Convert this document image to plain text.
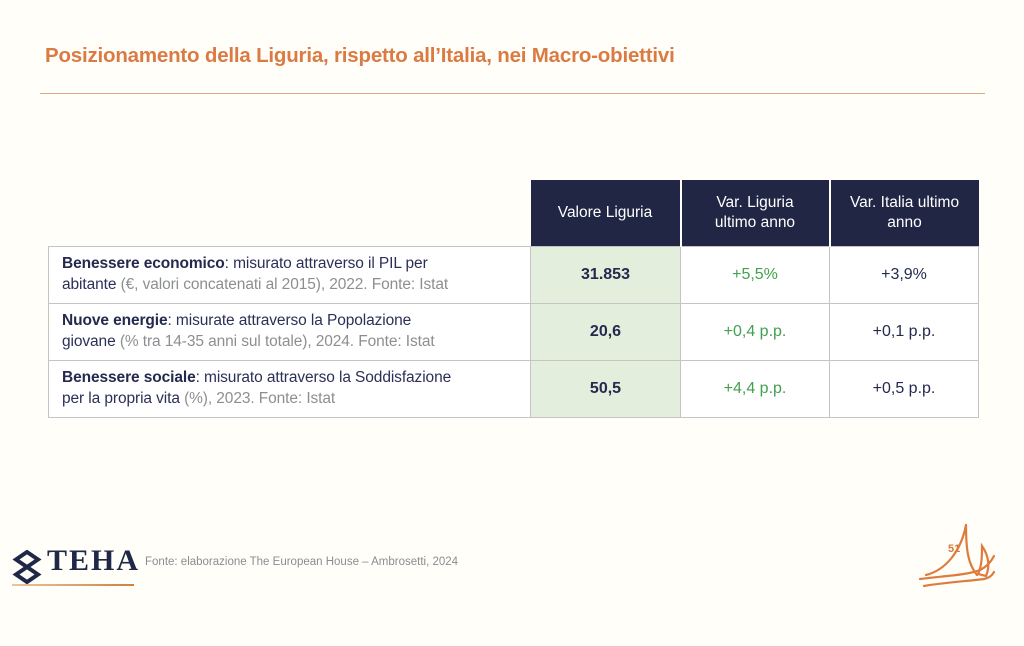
Posizionamento della Liguria, rispetto all’Italia, nei Macro-obiettivi
	Valore Liguria	Var. Liguria ultimo anno	Var. Italia ultimo anno
Benessere economico: misurato attraverso il PIL per
abitante (€, valori concatenati al 2015), 2022. Fonte: Istat	31.853	+5,5%	+3,9%
Nuove energie: misurate attraverso la Popolazione
giovane (% tra 14-35 anni sul totale), 2024. Fonte: Istat	20,6	+0,4 p.p.	+0,1 p.p.
Benessere sociale: misurato attraverso la Soddisfazione
per la propria vita (%), 2023. Fonte: Istat	50,5	+4,4 p.p.	+0,5 p.p.
TEHA Fonte: elaborazione The European House – Ambrosetti, 2024
51
